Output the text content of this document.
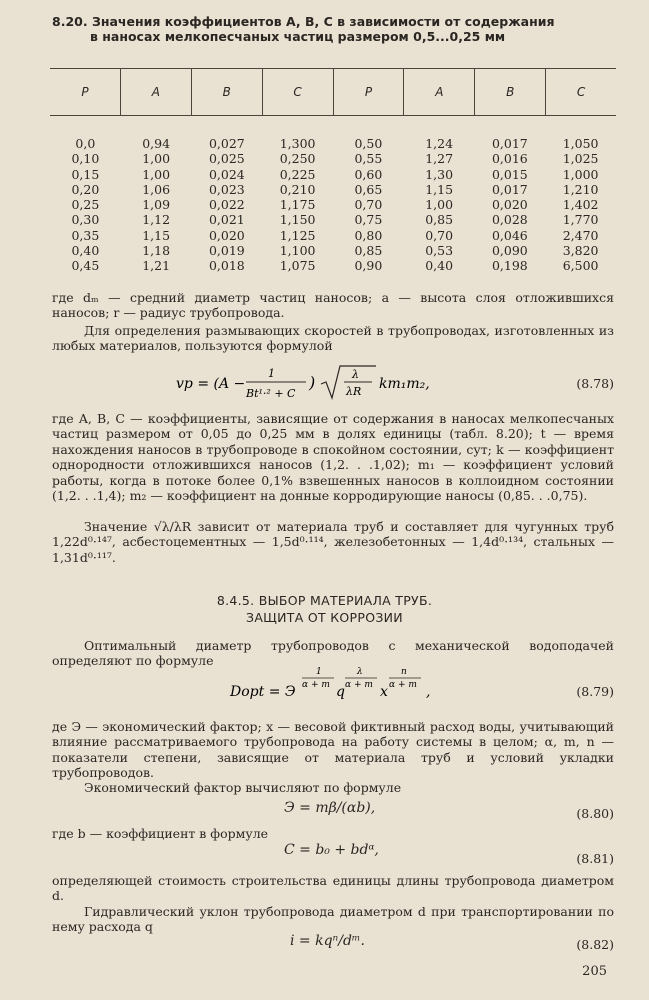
8.20. Значения коэффициентов A, B, C в зависимости от содержания
в наносах мелкопесчаных частиц размером 0,5...0,25 мм
P	A	B	C	P	A	B	C
0,0	0,94	0,027	1,300	0,50	1,24	0,017	1,050
0,10	1,00	0,025	0,250	0,55	1,27	0,016	1,025
0,15	1,00	0,024	0,225	0,60	1,30	0,015	1,000
0,20	1,06	0,023	0,210	0,65	1,15	0,017	1,210
0,25	1,09	0,022	1,175	0,70	1,00	0,020	1,402
0,30	1,12	0,021	1,150	0,75	0,85	0,028	1,770
0,35	1,15	0,020	1,125	0,80	0,70	0,046	2,470
0,40	1,18	0,019	1,100	0,85	0,53	0,090	3,820
0,45	1,21	0,018	1,075	0,90	0,40	0,198	6,500

где dₘ — средний диаметр частиц наносов; a — высота слоя отложившихся наносов; r — радиус трубопровода.

Для определения размывающих скоростей в трубопроводах, изготовленных из любых материалов, пользуются формулой

vp = (A −
1
Bt¹·² + C
)	λ
λR km₁m₂,	(8.78)

где A, B, C — коэффициенты, зависящие от содержания в наносах мелкопесчаных частиц размером от 0,05 до 0,25 мм в долях единицы (табл. 8.20); t — время нахождения наносов в трубопроводе в спокойном состоянии, сут; k — коэффициент однородности отложившихся наносов (1,2. . .1,02); m₁ — коэффициент условий работы, когда в потоке более 0,1% взвешенных наносов в коллоидном состоянии (1,2. . .1,4); m₂ — коэффициент на донные корродирующие наносы (0,85. . .0,75).

Значение √λ/λR зависит от материала труб и составляет для чугунных труб 1,22d⁰·¹⁴⁷, асбестоцементных — 1,5d⁰·¹¹⁴, железобетонных — 1,4d⁰·¹³⁴, стальных — 1,31d⁰·¹¹⁷.

8.4.5. ВЫБОР МАТЕРИАЛА ТРУБ.
ЗАЩИТА ОТ КОРРОЗИИ

Оптимальный диаметр трубопроводов с механической водоподачей определяют по формуле

Dopt = Э
1
α + m q
λ
α + m x
n
α + m ,	(8.79)

де Э — экономический фактор; x — весовой фиктивный расход воды, учитывающий влияние рассматриваемого трубопровода на работу системы в целом; α, m, n — показатели степени, зависящие от материала труб и условий укладки трубопроводов.

Экономический фактор вычисляют по формуле

Э = mβ/(αb),	(8.80)

где b — коэффициент в формуле

C = b₀ + bdᵅ,
(8.81)

определяющей стоимость строительства единицы длины трубопровода диаметром d.

Гидравлический уклон трубопровода диаметром d при транспортировании по нему расхода q

i = kqⁿ/dᵐ.	(8.82)
205
